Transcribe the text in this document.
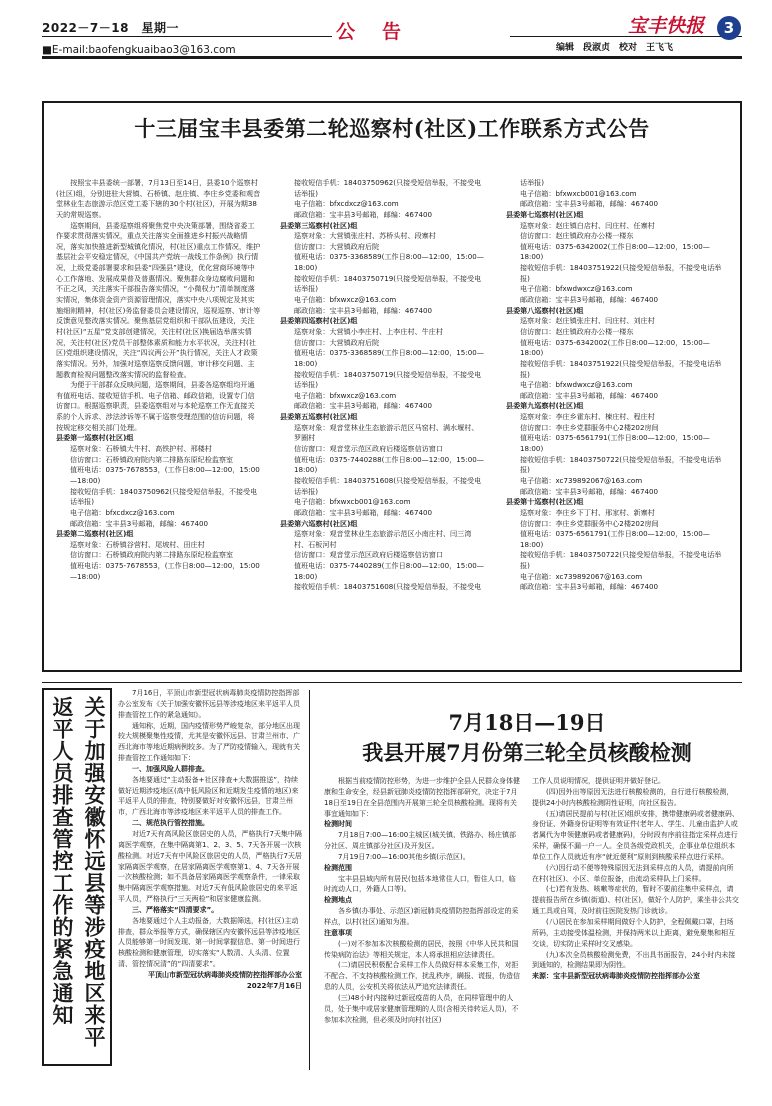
2022－7－18　星期一
■E-mail:baofengkuaibao3@163.com
公　告	宝丰快报	3
编辑　段淑贞　校对　王飞飞
十三届宝丰县委第二轮巡察村(社区)工作联系方式公告

按照宝丰县委统一部署，7月13日至14日，县委10个巡察村(社区)组，分别进驻大营镇、石桥镇、赵庄镇、李庄乡党委和观音堂林业生态旅游示范区党工委下辖的30个村(社区)，开展为期38天的常规巡察。

巡察期间，县委巡察组将聚焦党中央决策部署，围绕省委工作要求贯彻落实情况，重点关注落实全面推进乡村振兴战略情况，落实加快推进新型城镇化情况，村(社区)重点工作情况，维护基层社会平安稳定情况，《中国共产党统一战线工作条例》执行情况，上级党委部署要求和县委“四强县”建设，优化营商环境等中心工作落地、发展成果普及普惠情况。聚焦群众身边腐败问题和不正之风，关注落实干部报告落实情况，“小微权力”清单制度落实情况，集体资金资产资源管理情况，落实中央八项规定及其实施细则精神，村(社区)务监督委员会建设情况，巡视巡察、审计等反馈意见整改落实情况。聚焦基层党组织和干部队伍建设，关注村(社区)“五星”党支部创建情况，关注村(社区)换届选举落实情况，关注村(社区)党员干部整体素质和能力水平状况，关注村(社区)党组织建设情况，关注“四议两公开”执行情况，关注人才政策落实情况。另外，加强对巡察巡察反馈问题，审计移交问题、主题教育检视问题整改落实情况的监督检查。

为便于干部群众反映问题，巡察期间，县委各巡察组均开通有值班电话、接收短信手机、电子信箱、邮政信箱，设置专门信访窗口。根据巡察职责，县委巡察组对与本轮巡察工作无直接关系的个人诉求、涉法涉诉等不属于巡察受理范围的信访问题，将按规定移交相关部门处理。

县委第一巡察村(社区)组

巡察对象：石桥镇大牛村、高铁护村、邢楼村

信访窗口：石桥镇政府院内第二排路东原纪检监察室

值班电话：0375-7678553，(工作日8:00—12:00，15:00—18:00)

接收短信手机：18403750962(只接受短信举报，不接受电话举报)

电子信箱：bfxcdxcz@163.com

邮政信箱：宝丰县3号邮箱，邮编：467400

县委第二巡察村(社区)组

巡察对象：石桥镇谷营村、尾坡村、田庄村

信访窗口：石桥镇政府院内第二排路东原纪检监察室

值班电话：0375-7678553，(工作日8:00—12:00，15:00—18:00)

接收短信手机：18403750962(只接受短信举报，不接受电话举报)

电子信箱：bfxcdxcz@163.com

邮政信箱：宝丰县3号邮箱，邮编：467400

县委第三巡察村(社区)组

巡察对象：大营镇张庄村、苏桥头村、段寨村

信访窗口：大营镇政府后院

值班电话：0375-3368589(工作日8:00—12:00，15:00—18:00)

接收短信手机：18403750719(只接受短信举报，不接受电话举报)

电子信箱：bfxwxcz@163.com

邮政信箱：宝丰县3号邮箱，邮编：467400

县委第四巡察村(社区)组

巡察对象：大营镇小李庄村、上李庄村、牛庄村

信访窗口：大营镇政府后院

值班电话：0375-3368589(工作日8:00—12:00，15:00—18:00)

接收短信手机：18403750719(只接受短信举报，不接受电话举报)

电子信箱：bfxwxcz@163.com

邮政信箱：宝丰县3号邮箱，邮编：467400

县委第五巡察村(社区)组

巡察对象：观音堂林业生态旅游示范区马窑村、满水堰村、罗圈村

信访窗口：观音堂示范区政府后楼巡察信访窗口

值班电话：0375-7440288(工作日8:00—12:00，15:00—18:00)

接收短信手机：18403751608(只接受短信举报，不接受电话举报)

电子信箱：bfxwxcb001@163.com

邮政信箱：宝丰县3号邮箱，邮编：467400

县委第六巡察村(社区)组

巡察对象：观音堂林业生态旅游示范区小南庄村、闫三湾村、石板河村

信访窗口：观音堂示范区政府后楼巡察信访窗口

值班电话：0375-7440289(工作日8:00—12:00，15:00—18:00)

接收短信手机：18403751608(只接受短信举报，不接受电

话举报)

电子信箱：bfxwxcb001@163.com

邮政信箱：宝丰县3号邮箱，邮编：467400

县委第七巡察村(社区)组

巡察对象：赵庄镇白店村、闫庄村、任寨村

信访窗口：赵庄镇政府办公楼一楼东

值班电话：0375-6342002(工作日8:00—12:00，15:00—18:00)

接收短信手机：18403751922(只接受短信举报，不接受电话举报)

电子信箱：bfxwdwxcz@163.com

邮政信箱：宝丰县3号邮箱，邮编：467400

县委第八巡察村(社区)组

巡察对象：赵庄镇张庄村、闫庄村、刘庄村

信访窗口：赵庄镇政府办公楼一楼东

值班电话：0375-6342002(工作日8:00—12:00，15:00—18:00)

接收短信手机：18403751922(只接受短信举报，不接受电话举报)

电子信箱：bfxwdwxcz@163.com

邮政信箱：宝丰县3号邮箱，邮编：467400

县委第九巡察村(社区)组

巡察对象：李庄乡霍东村、楝庄村、程庄村

信访窗口：李庄乡党群服务中心2楼202房间

值班电话：0375-6561791(工作日8:00—12:00，15:00—18:00)

接收短信手机：18403750722(只接受短信举报，不接受电话举报)

电子信箱：xc739892067@163.com

邮政信箱：宝丰县3号邮箱，邮编：467400

县委第十巡察村(社区)组

巡察对象：李庄乡下丁村、邢家村、新寨村

信访窗口：李庄乡党群服务中心2楼202房间

值班电话：0375-6561791(工作日8:00—12:00，15:00—18:00)

接收短信手机：18403750722(只接受短信举报，不接受电话举报)

电子信箱：xc739892067@163.com

邮政信箱：宝丰县3号邮箱，邮编：467400

关于加强安徽怀远县等涉疫地区来平
返平人员排查管控工作的紧急通知

7月16日，平顶山市新型冠状病毒肺炎疫情防控指挥部办公室发布《关于加强安徽怀远县等涉疫地区来平返平人员排查管控工作的紧急通知》。

通知称，近期，国内疫情形势严峻复杂，部分地区出现较大规模聚集性疫情，尤其是安徽怀远县、甘肃兰州市、广西北海市等地近期病例较多。为了严防疫情输入，现就有关排查管控工作通知如下：

一、加强风险人群排查。

各地要通过“主动报备+社区排查+大数据推送”，持续做好近期涉疫地区(高中低风险区和近期发生疫情的地区)来平返平人员的排查，特别要做好对安徽怀远县，甘肃兰州市，广西北海市等涉疫地区来平返平人员的排查工作。

二、规范执行管控措施。

对近7天有高风险区旅居史的人员，严格执行7天集中隔离医学观察，在集中隔离第1、2、3、5、7天各开展一次核酸检测。对近7天有中风险区旅居史的人员，严格执行7天居家隔离医学观察，在居家隔离医学观察第1、4、7天各开展一次核酸检测；如不具备居家隔离医学观察条件，一律采取集中隔离医学观察措施。对近7天有低风险旅居史的来平返平人员，严格执行“三天两检”和居家健康监测。

三、严格落实“四清要求”。

各地要通过个人主动报备，大数据筛选，村(社区)主动排查，群众举报等方式，确保辖区内安徽怀远县等涉疫地区人员能够第一时间发现、第一时间掌握信息、第一时间进行核酸检测和健康管理，切实落实“人数清、人头清、位置清、管控情况清”的“四清要求”。

平顶山市新型冠状病毒肺炎疫情防控指挥部办公室

2022年7月16日

7月18日—19日
我县开展7月份第三轮全员核酸检测

根据当前疫情防控形势，为进一步维护全县人民群众身体健康和生命安全，经县新冠肺炎疫情防控指挥部研究，决定于7月18日至19日在全县范围内开展第三轮全员核酸检测。现将有关事宜通知如下：

检测时间

7月18日7:00—16:00主城区(城关镇、铁路办、杨庄镇部分社区、周庄镇部分社区)及开发区。

7月19日7:00—16:00其他乡镇(示范区)。

检测范围

宝丰县县域内所有居民(包括本地常住人口，暂住人口，临时流动人口，外籍人口等)。

检测地点

各乡镇(办事处、示范区)新冠肺炎疫情防控指挥部设定的采样点，以村(社区)通知为准。

注意事项

(一)对不参加本次核酸检测的居民，按照《中华人民共和国传染病防治法》等相关规定，本人将承担相应法律责任。

(二)请居民积极配合采样工作人员做好样本采集工作，对拒不配合、不支持核酸检测工作，扰乱秩序，瞒报、谎报，伪造信息的人员，公安机关将依法从严追究法律责任。

(三)48小时内接种过新冠疫苗的人员，在同样管理中的人员，处于集中或居家健康管理期的人员(含相关待转运人员)，不参加本次检测，但必须及时向村(社区)

工作人员说明情况，提供证明并做好登记。

(四)因外出等原因无法进行核酸检测的，自行进行核酸检测，提供24小时内核酸检测阴性证明，向社区报告。

(五)请居民提前与村(社区)组织安排，携带健康码或者健康码、身份证、外籍身份证明等有效证件(老年人、学生、儿童由监护人或者属代为申领健康码或者健康码)，分时段有序前往指定采样点进行采样，确保不漏一户一人。全员各级党政机关，企事业单位组织本单位工作人员就近有序“就近便利”原则到核酸采样点进行采样。

(六)因行动不便等特殊原因无法到采样点的人员，请提前向所在村(社区)、小区、单位报备，由流动采样队上门采样。

(七)若有发热、咳嗽等症状的，暂时不要前往集中采样点，请提前报告所在乡镇(街道)、村(社区)，做好个人防护，乘坐非公共交通工具或自驾，及时前往医院发热门诊就诊。

(八)居民在参加采样期间做好个人防护，全程佩戴口罩，扫场所码，主动接受体温检测，并保持两米以上距离，避免聚集和相互交谈，切实防止采样时交叉感染。

(九)本次全员核酸检测免费，不出具书面报告，24小时内未接到通知的，检测结果即为阴性。

来源：宝丰县新型冠状病毒肺炎疫情防控指挥部办公室
